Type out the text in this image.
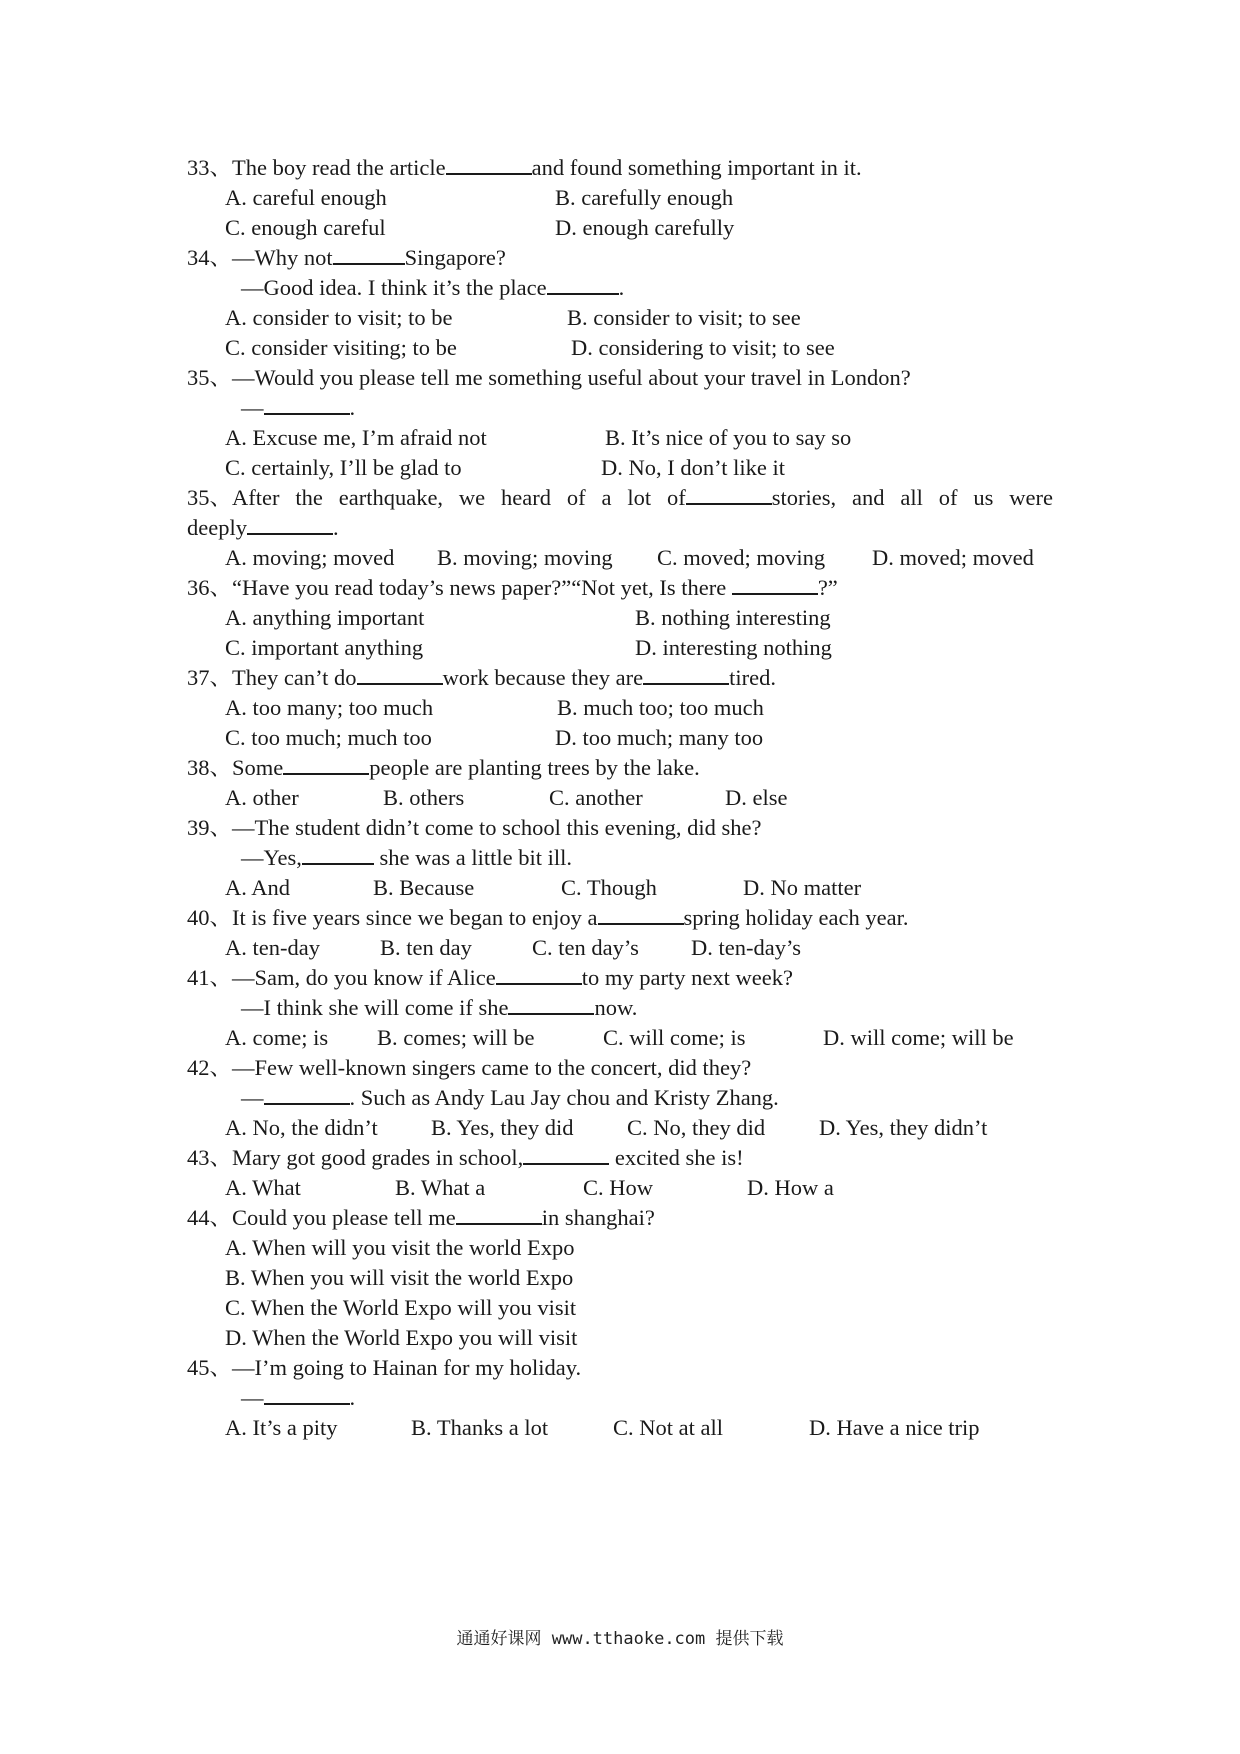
33、The boy read the article	and found something important in it.
A. careful enough	B. carefully enough
C. enough careful	D. enough carefully
34、—Why not	Singapore?
—Good idea. I think it’s the place	.
A. consider to visit; to be	B. consider to visit; to see
C. consider visiting; to be	D. considering to visit; to see
35、—Would you please tell me something useful about your travel in London?
—	.
A. Excuse me, I’m afraid not	B. It’s nice of you to say so
C. certainly, I’ll be glad to	D. No, I don’t like it
35、After the earthquake, we heard of a lot of	stories, and all of us were
deeply	.
A. moving; moved B. moving; moving C. moved; moving D. moved; moved
36、“Have you read today’s news paper?”“Not yet, Is there	?”
A. anything important	B. nothing interesting
C. important anything	D. interesting nothing
37、They can’t do	work because they are	tired.
A. too many; too much	B. much too; too much
C. too much; much too	D. too much; many too
38、Some	people are planting trees by the lake.
A. other	B. others	C. another	D. else
39、—The student didn’t come to school this evening, did she?
—Yes,	she was a little bit ill.
A. And	B. Because	C. Though	D. No matter
40、It is five years since we began to enjoy a	spring holiday each year.
A. ten-day	B. ten day	C. ten day’s D. ten-day’s
41、—Sam, do you know if Alice	to my party next week?
—I think she will come if she	now.
A. come; is B. comes; will be	C. will come; is	D. will come; will be
42、—Few well-known singers came to the concert, did they?
—	. Such as Andy Lau Jay chou and Kristy Zhang.
A. No, the didn’t B. Yes, they did C. No, they did D. Yes, they didn’t
43、Mary got good grades in school,	excited she is!
A. What	B. What a	C. How	D. How a
44、Could you please tell me	in shanghai?
A. When will you visit the world Expo
B. When you will visit the world Expo
C. When the World Expo will you visit
D. When the World Expo you will visit
45、—I’m going to Hainan for my holiday.
—	.
A. It’s a pity	B. Thanks a lot	C. Not at all	D. Have a nice trip
通通好课网 www.tthaoke.com 提供下载
